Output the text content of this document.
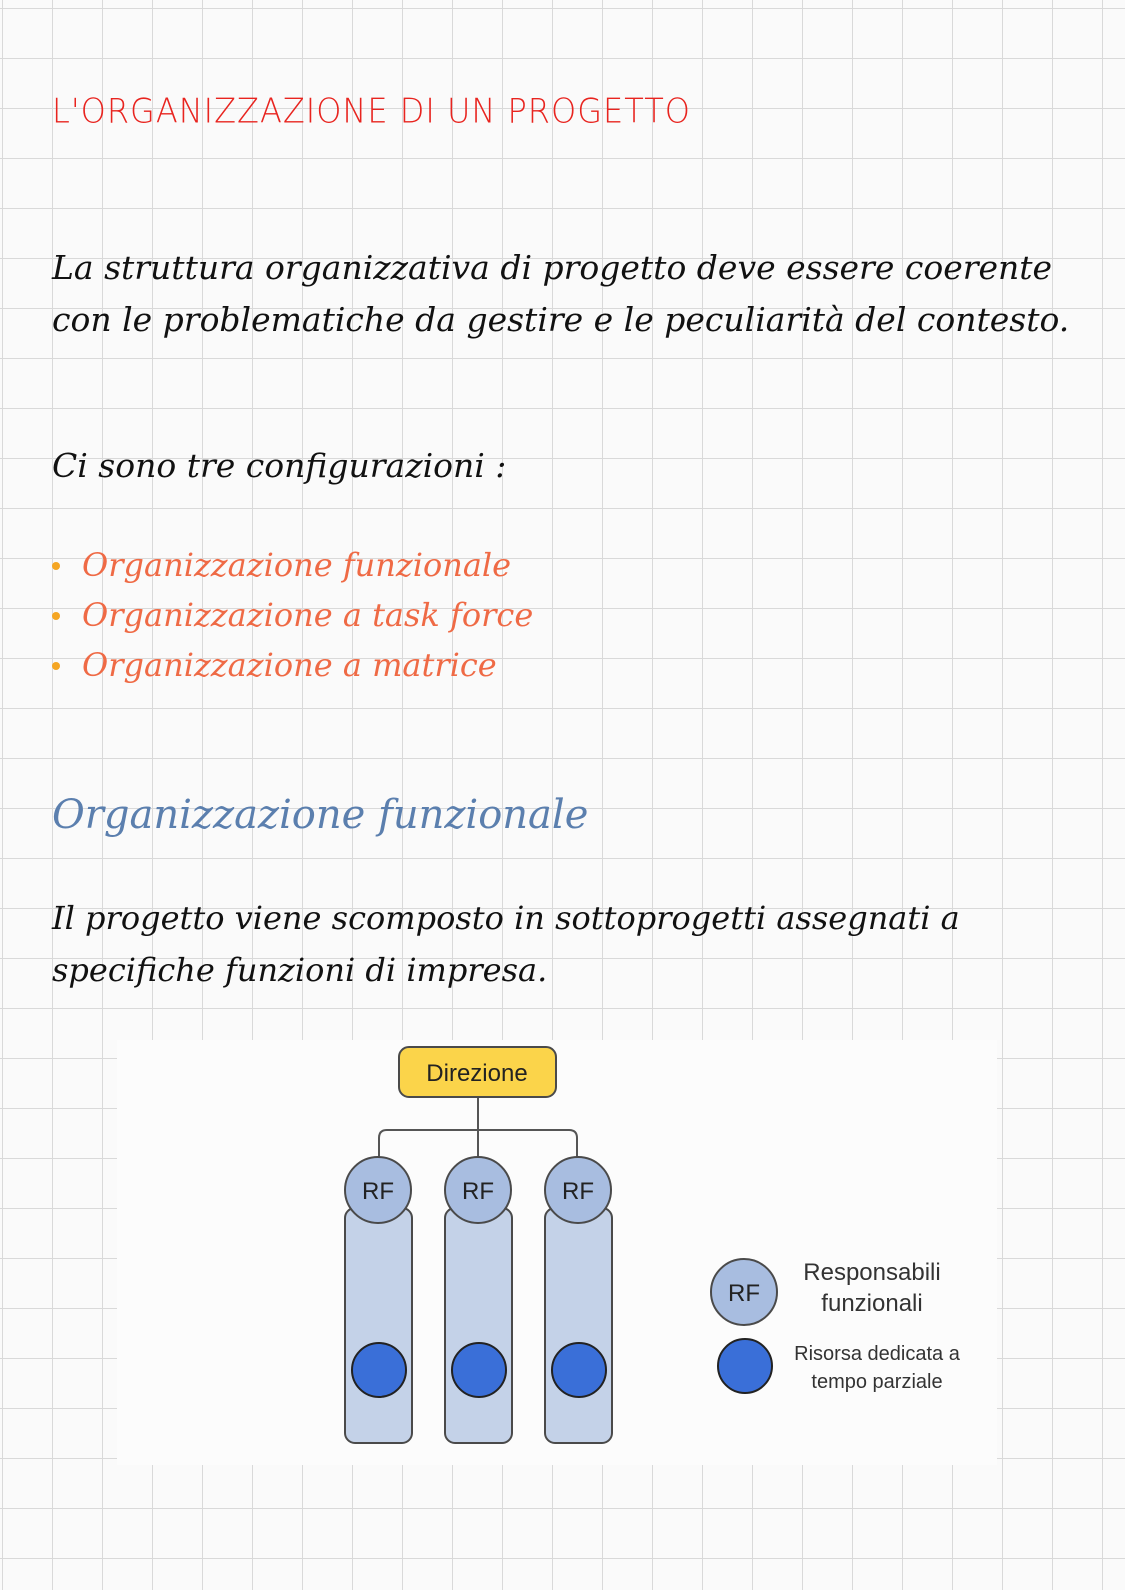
L'ORGANIZZAZIONE DI UN PROGETTO
La struttura organizzativa di progetto deve essere coerente con le problematiche da gestire e le peculiarità del contesto.
Ci sono tre configurazioni :
Organizzazione funzionale
Organizzazione a task force
Organizzazione a matrice
Organizzazione funzionale
Il progetto viene scomposto in sottoprogetti assegnati a specifiche funzioni di impresa.
Direzione
RF	RF	RF
RF
Responsabili
funzionali
Risorsa dedicata a
tempo parziale
